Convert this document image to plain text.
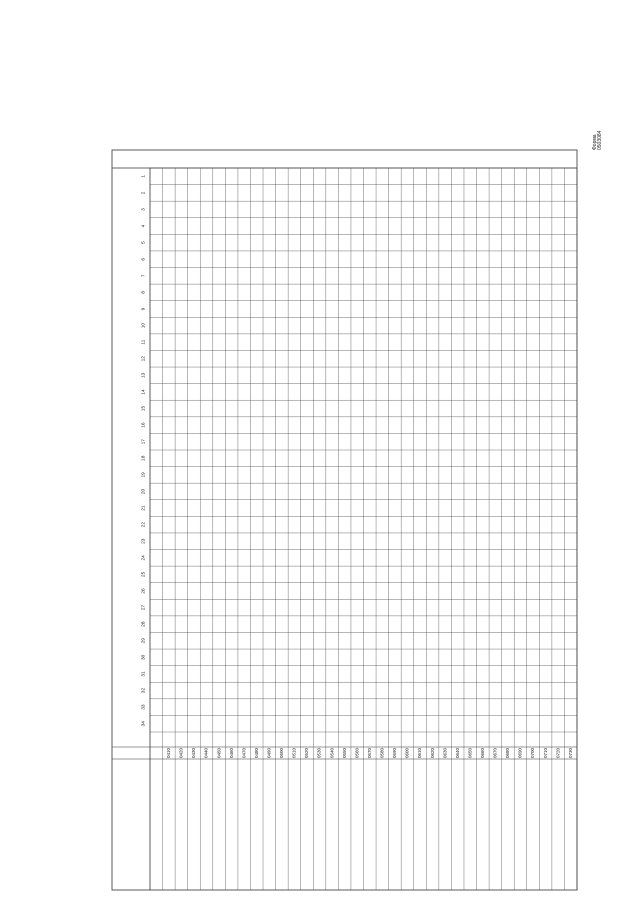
Форма
0503084
1
2
3
4
5
6
7
8
9
10
11
12
13
14
15
16
17
18
19
20
21
22
23
24
25
26
27
28
29
30
31
32
33
34
0410 0420 0430 0440 0450 0460 0470 0480 0490 0500 0510 0520 0530 0540 0550 0560 0570 0580 0590 0600 0610 0620 0630 0640 0650 0660 0670 0680 0690 0700 0710 0720 0730
